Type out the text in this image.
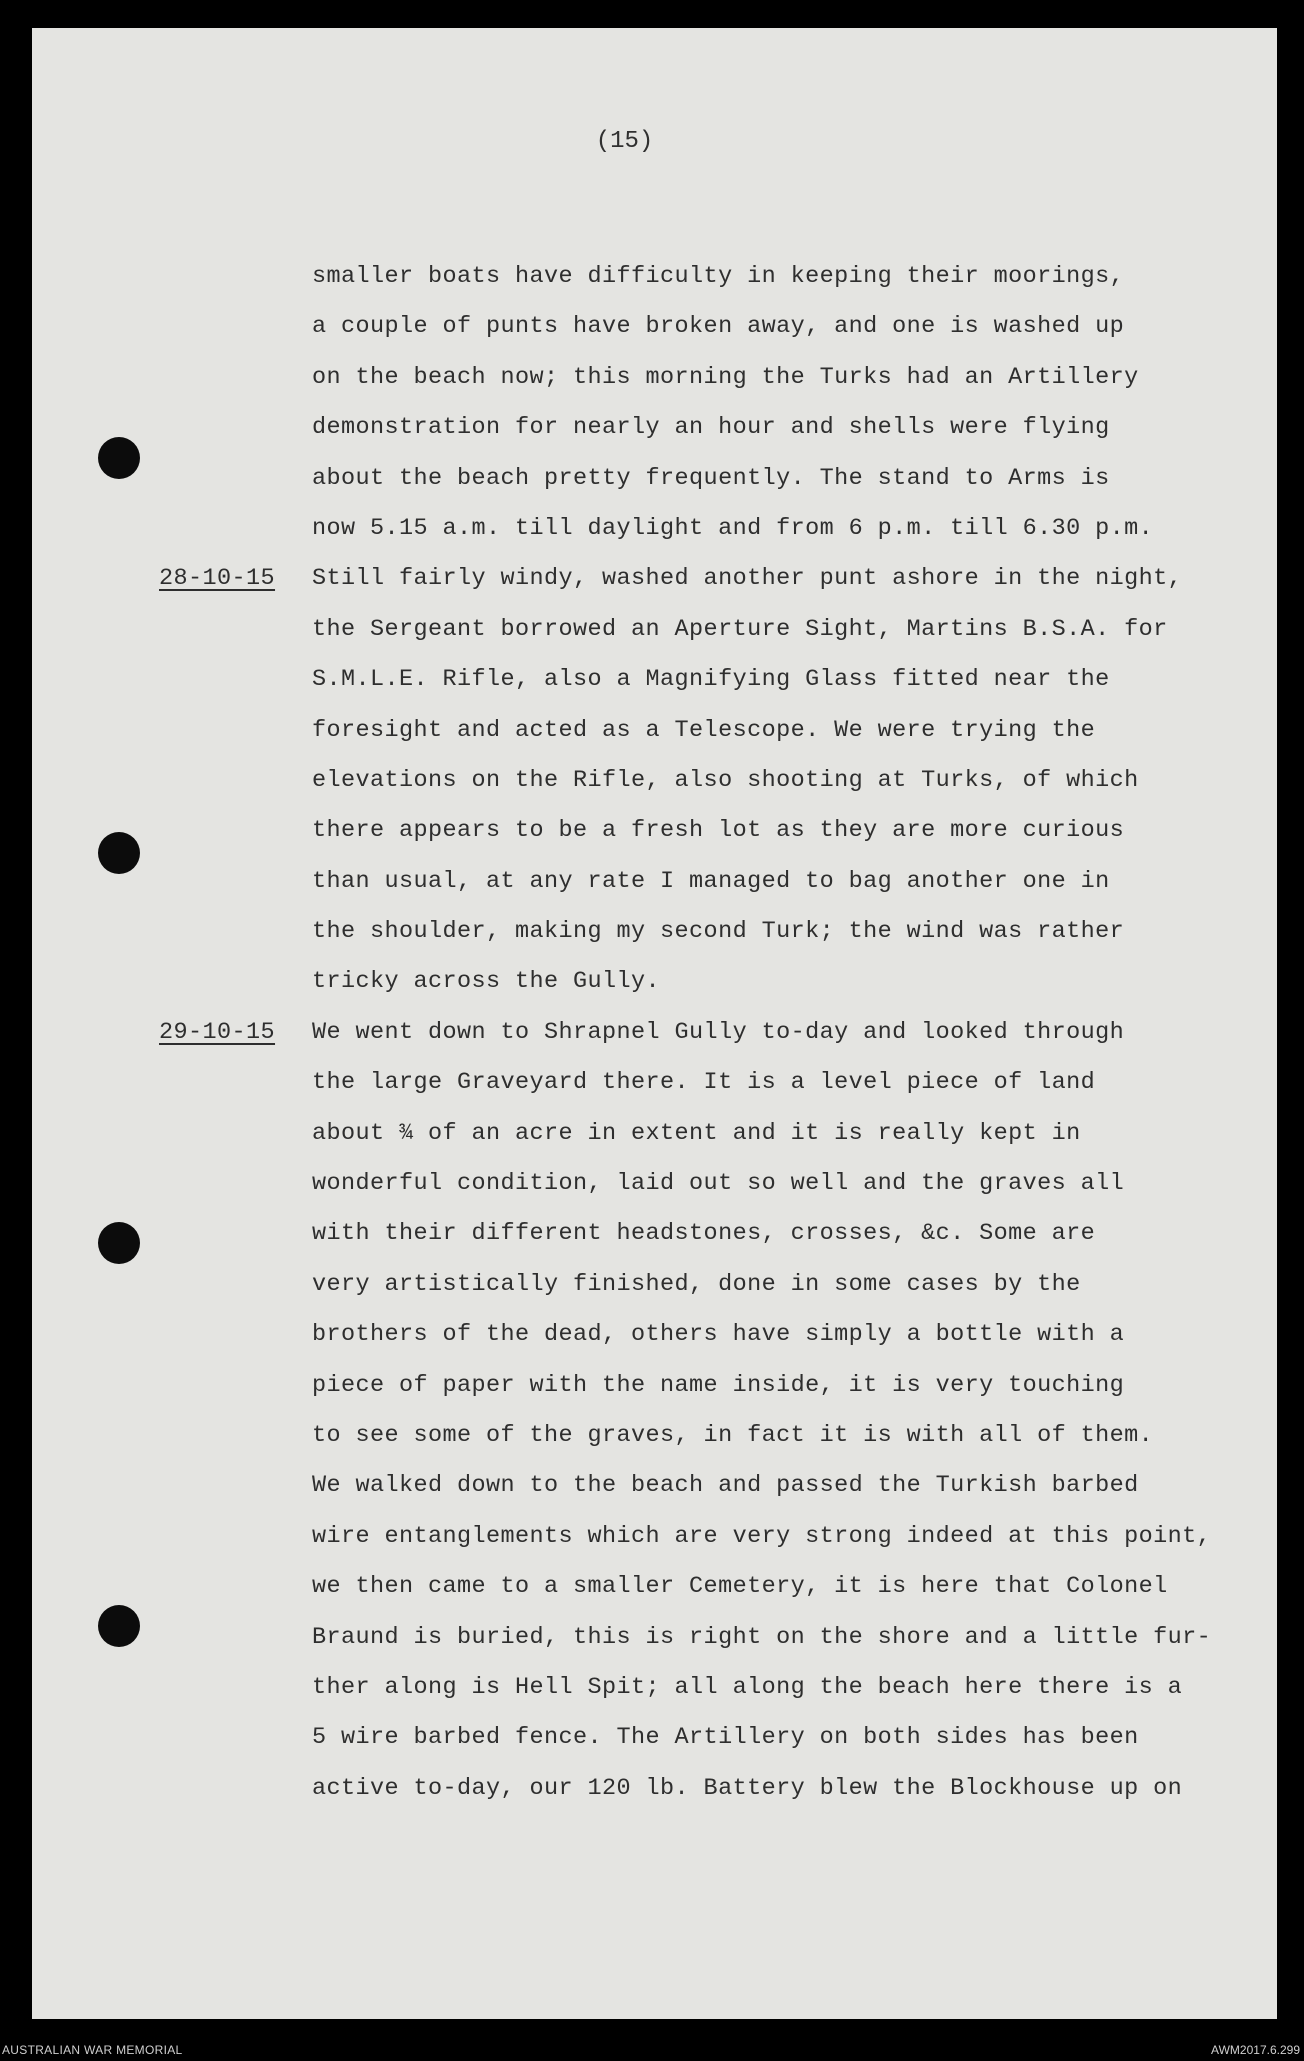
(15)
smaller boats have difficulty in keeping their moorings,
a couple of punts have broken away, and one is washed up
on the beach now; this morning the Turks had an Artillery
demonstration for nearly an hour and shells were flying
about the beach pretty frequently. The stand to Arms is
now 5.15 a.m. till daylight and from 6 p.m. till 6.30 p.m.
28-10-15 Still fairly windy, washed another punt ashore in the night,
the Sergeant borrowed an Aperture Sight, Martins B.S.A. for
S.M.L.E. Rifle, also a Magnifying Glass fitted near the
foresight and acted as a Telescope. We were trying the
elevations on the Rifle, also shooting at Turks, of which
there appears to be a fresh lot as they are more curious
than usual, at any rate I managed to bag another one in
the shoulder, making my second Turk; the wind was rather
tricky across the Gully.
29-10-15 We went down to Shrapnel Gully to-day and looked through
the large Graveyard there. It is a level piece of land
about ¾ of an acre in extent and it is really kept in
wonderful condition, laid out so well and the graves all
with their different headstones, crosses, &c. Some are
very artistically finished, done in some cases by the
brothers of the dead, others have simply a bottle with a
piece of paper with the name inside, it is very touching
to see some of the graves, in fact it is with all of them.
We walked down to the beach and passed the Turkish barbed
wire entanglements which are very strong indeed at this point,
we then came to a smaller Cemetery, it is here that Colonel
Braund is buried, this is right on the shore and a little fur-
ther along is Hell Spit; all along the beach here there is a
5 wire barbed fence. The Artillery on both sides has been
active to-day, our 120 lb. Battery blew the Blockhouse up on
AUSTRALIAN WAR MEMORIAL	AWM2017.6.299
